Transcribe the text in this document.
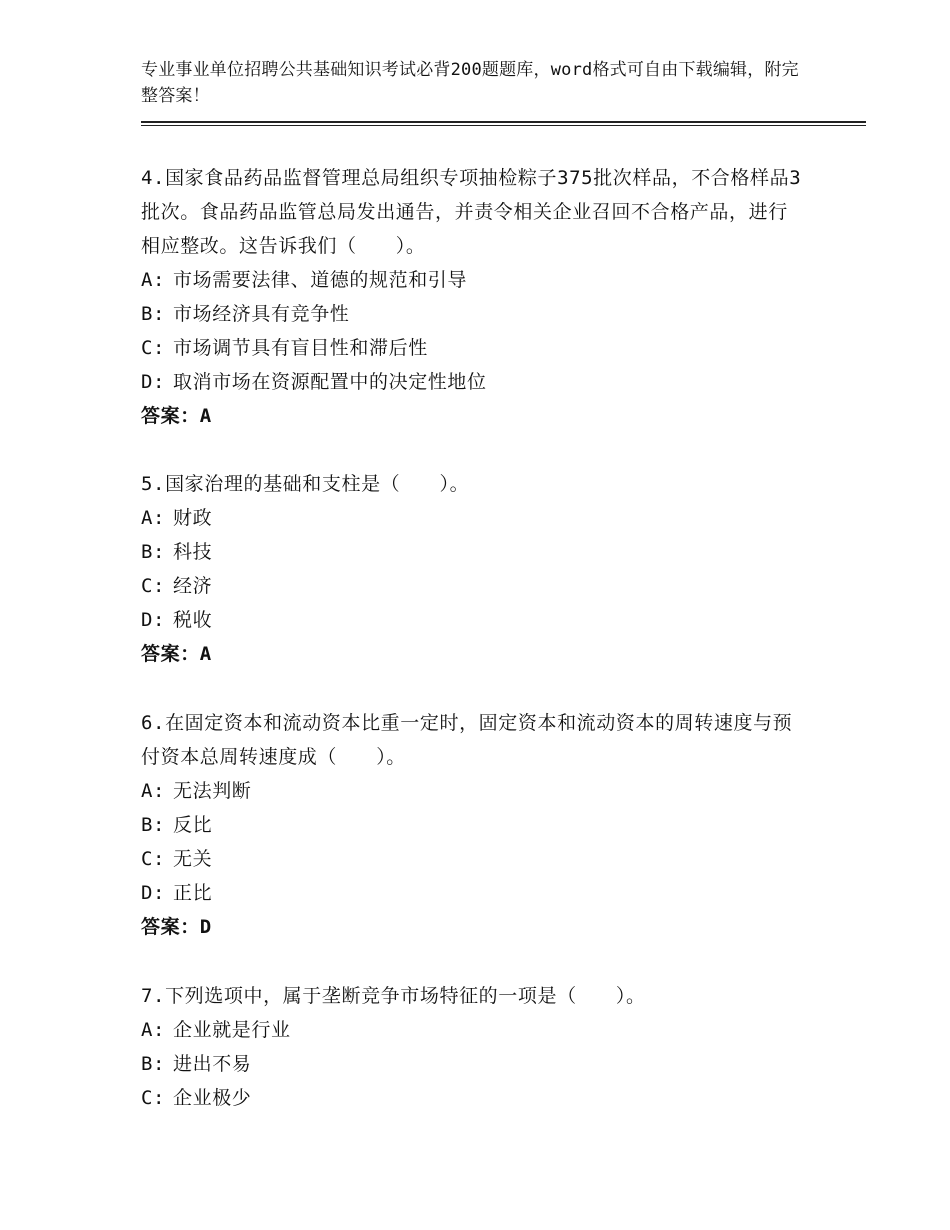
专业事业单位招聘公共基础知识考试必背200题题库，word格式可自由下载编辑，附完整答案！

4.国家食品药品监督管理总局组织专项抽检粽子375批次样品，不合格样品3批次。食品药品监管总局发出通告，并责令相关企业召回不合格产品，进行相应整改。这告诉我们（　　）。

A: 市场需要法律、道德的规范和引导

B: 市场经济具有竞争性

C: 市场调节具有盲目性和滞后性

D: 取消市场在资源配置中的决定性地位

答案：A

5.国家治理的基础和支柱是（　　）。

A: 财政

B: 科技

C: 经济

D: 税收

答案：A

6.在固定资本和流动资本比重一定时，固定资本和流动资本的周转速度与预付资本总周转速度成（　　）。

A: 无法判断

B: 反比

C: 无关

D: 正比

答案：D

7.下列选项中，属于垄断竞争市场特征的一项是（　　）。

A: 企业就是行业

B: 进出不易

C: 企业极少
